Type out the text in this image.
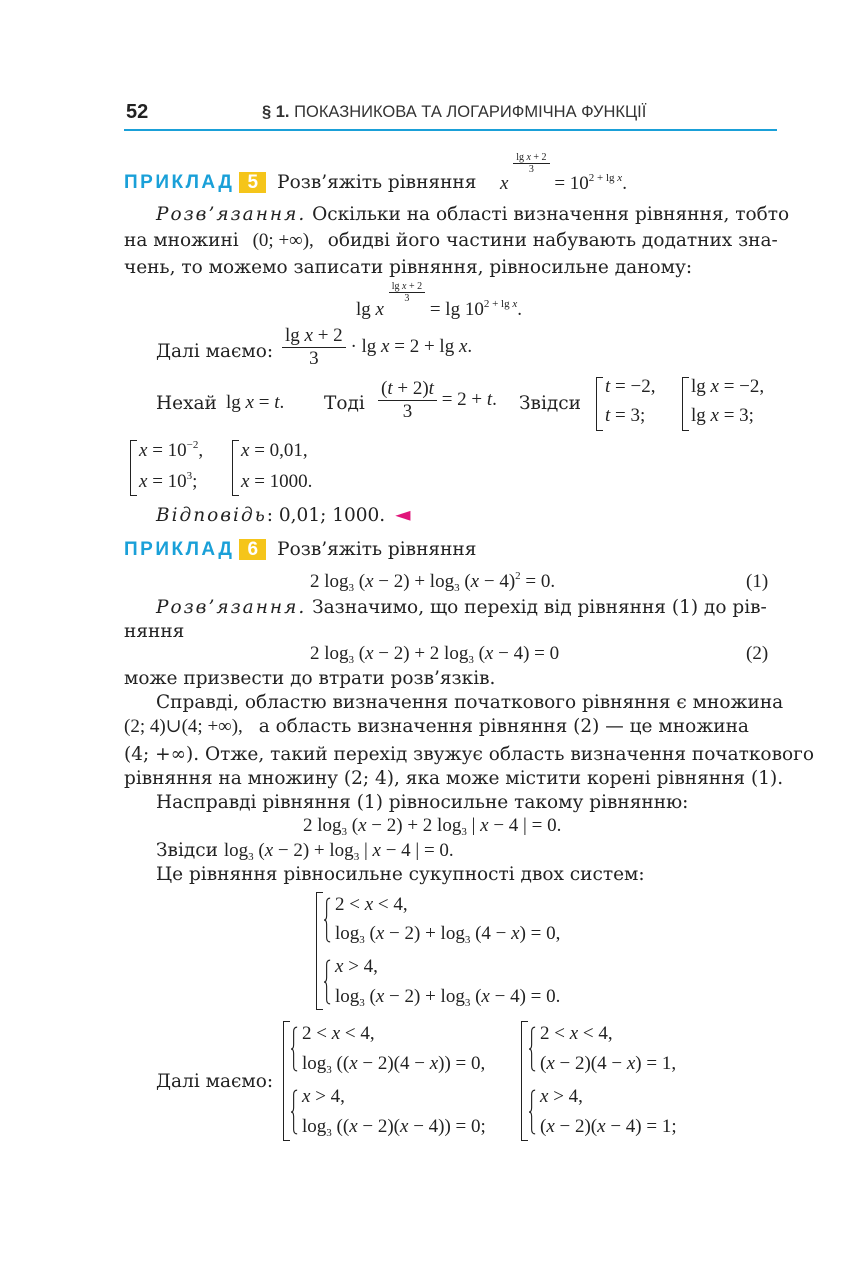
52	§ 1. ПОКАЗНИКОВА ТА ЛОГАРИФМІЧНА ФУНКЦІЇ
ПРИКЛАД 5 Розв’яжіть рівняння x
$\frac{\text{lg x + 2}}{3}$
= $10^{2 + lg x}$.
Розв’язання. Оскільки на області визначення рівняння, тобто
на множині (0; +∞), обидві його частини набувають додатних зна-
чень, то можемо записати рівняння, рівносильне даному:
lg x
$\frac{\text{lg x + 2}}{3}$
= $\lg 10^{2 + lg x}$.
Далі маємо: $\frac{\text{lg x + 2}}{3} \cdot \lg x = 2 + \lg x$.
Нехай lg x = t. Тоді $\frac{(t + 2)t}{3} = 2 + t$. Звідси
t = −2,
t = 3;
lg x = −2,
lg x = 3;
$x = 10^{-2}$,
$x = 10^3$;
x = 0,01,
x = 1000.
Відповідь: 0,01; 1000. ◄
ПРИКЛАД 6 Розв’яжіть рівняння
2 $\log_3 (x - 2) + \log_3 (x - 4)^2 = 0$.	(1)
Розв’язання. Зазначимо, що перехід від рівняння (1) до рів-
няння
2 $\log_3 (x - 2) + 2$ $\log_3 (x - 4) = 0$	(2)
може призвести до втрати розв’язків.
Справді, областю визначення початкового рівняння є множина
(2; 4)∪(4; +∞), а область визначення рівняння (2) — це множина
(4; +∞). Отже, такий перехід звужує область визначення початкового
рівняння на множину (2; 4), яка може містити корені рівняння (1).
Насправді рівняння (1) рівносильне такому рівнянню:
2 $\log_3 (x - 2) + 2$ $\log_3$ | x − 4 | = 0.
Звідси $\log_3 (x - 2) + \log_3$ | x − 4 | = 0.
Це рівняння рівносильне сукупності двох систем:
2 < x < 4,
$\log_3 (x - 2) + \log_3 (4 - x) = 0$,
x > 4,
$\log_3 (x - 2) + \log_3 (x - 4) = 0$.
Далі маємо:
2 < x < 4,
$\log_3 ((x - 2)(4 - x)) = 0$,
x > 4,
$\log_3 ((x - 2)(x - 4)) = 0$;
2 < x < 4,
(x − 2)(4 − x) = 1,
x > 4,
(x − 2)(x − 4) = 1;
